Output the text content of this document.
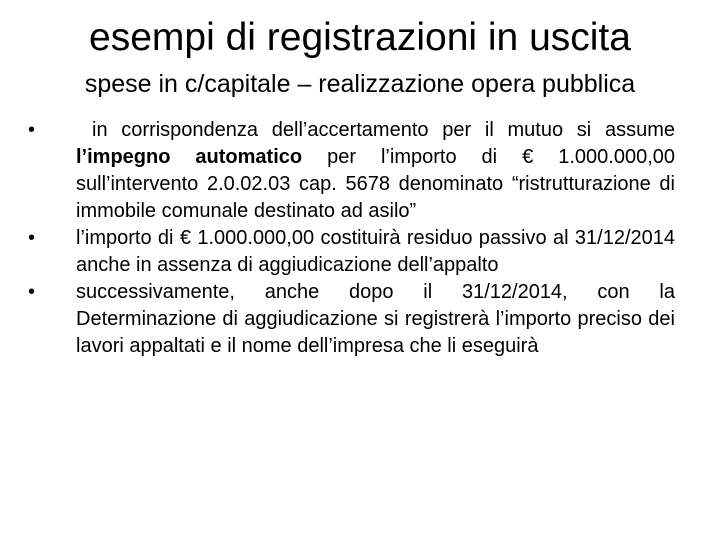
esempi di registrazioni in uscita
spese in c/capitale – realizzazione opera pubblica
•	in corrispondenza dell’accertamento per il mutuo si assume l’impegno automatico per l’importo di € 1.000.000,00 sull’intervento 2.0.02.03 cap. 5678 denominato “ristrutturazione di immobile comunale destinato ad asilo”
• l’importo di € 1.000.000,00 costituirà residuo passivo al 31/12/2014 anche in assenza di aggiudicazione dell’appalto
• successivamente, anche dopo il 31/12/2014, con la Determinazione di aggiudicazione si registrerà l’importo preciso dei lavori appaltati e il nome dell’impresa che li eseguirà
